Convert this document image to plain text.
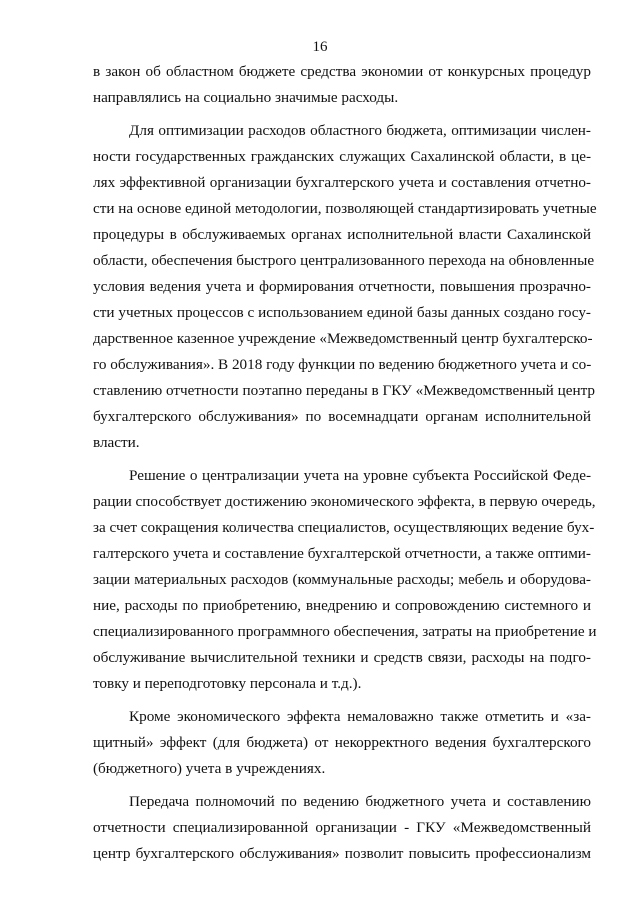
16
в закон об областном бюджете средства экономии от конкурсных процедур
направлялись на социально значимые расходы.
Для оптимизации расходов областного бюджета, оптимизации числен-
ности государственных гражданских служащих Сахалинской области, в це-
лях эффективной организации бухгалтерского учета и составления отчетно-
сти на основе единой методологии, позволяющей стандартизировать учетные
процедуры в обслуживаемых органах исполнительной власти Сахалинской
области, обеспечения быстрого централизованного перехода на обновленные
условия ведения учета и формирования отчетности, повышения прозрачно-
сти учетных процессов с использованием единой базы данных создано госу-
дарственное казенное учреждение «Межведомственный центр бухгалтерско-
го обслуживания». В 2018 году функции по ведению бюджетного учета и со-
ставлению отчетности поэтапно переданы в ГКУ «Межведомственный центр
бухгалтерского обслуживания» по восемнадцати органам исполнительной
власти.
Решение о централизации учета на уровне субъекта Российской Феде-
рации способствует достижению экономического эффекта, в первую очередь,
за счет сокращения количества специалистов, осуществляющих ведение бух-
галтерского учета и составление бухгалтерской отчетности, а также оптими-
зации материальных расходов (коммунальные расходы; мебель и оборудова-
ние, расходы по приобретению, внедрению и сопровождению системного и
специализированного программного обеспечения, затраты на приобретение и
обслуживание вычислительной техники и средств связи, расходы на подго-
товку и переподготовку персонала и т.д.).
Кроме экономического эффекта немаловажно также отметить и «за-
щитный» эффект (для бюджета) от некорректного ведения бухгалтерского
(бюджетного) учета в учреждениях.
Передача полномочий по ведению бюджетного учета и составлению
отчетности специализированной организации - ГКУ «Межведомственный
центр бухгалтерского обслуживания» позволит повысить профессионализм
